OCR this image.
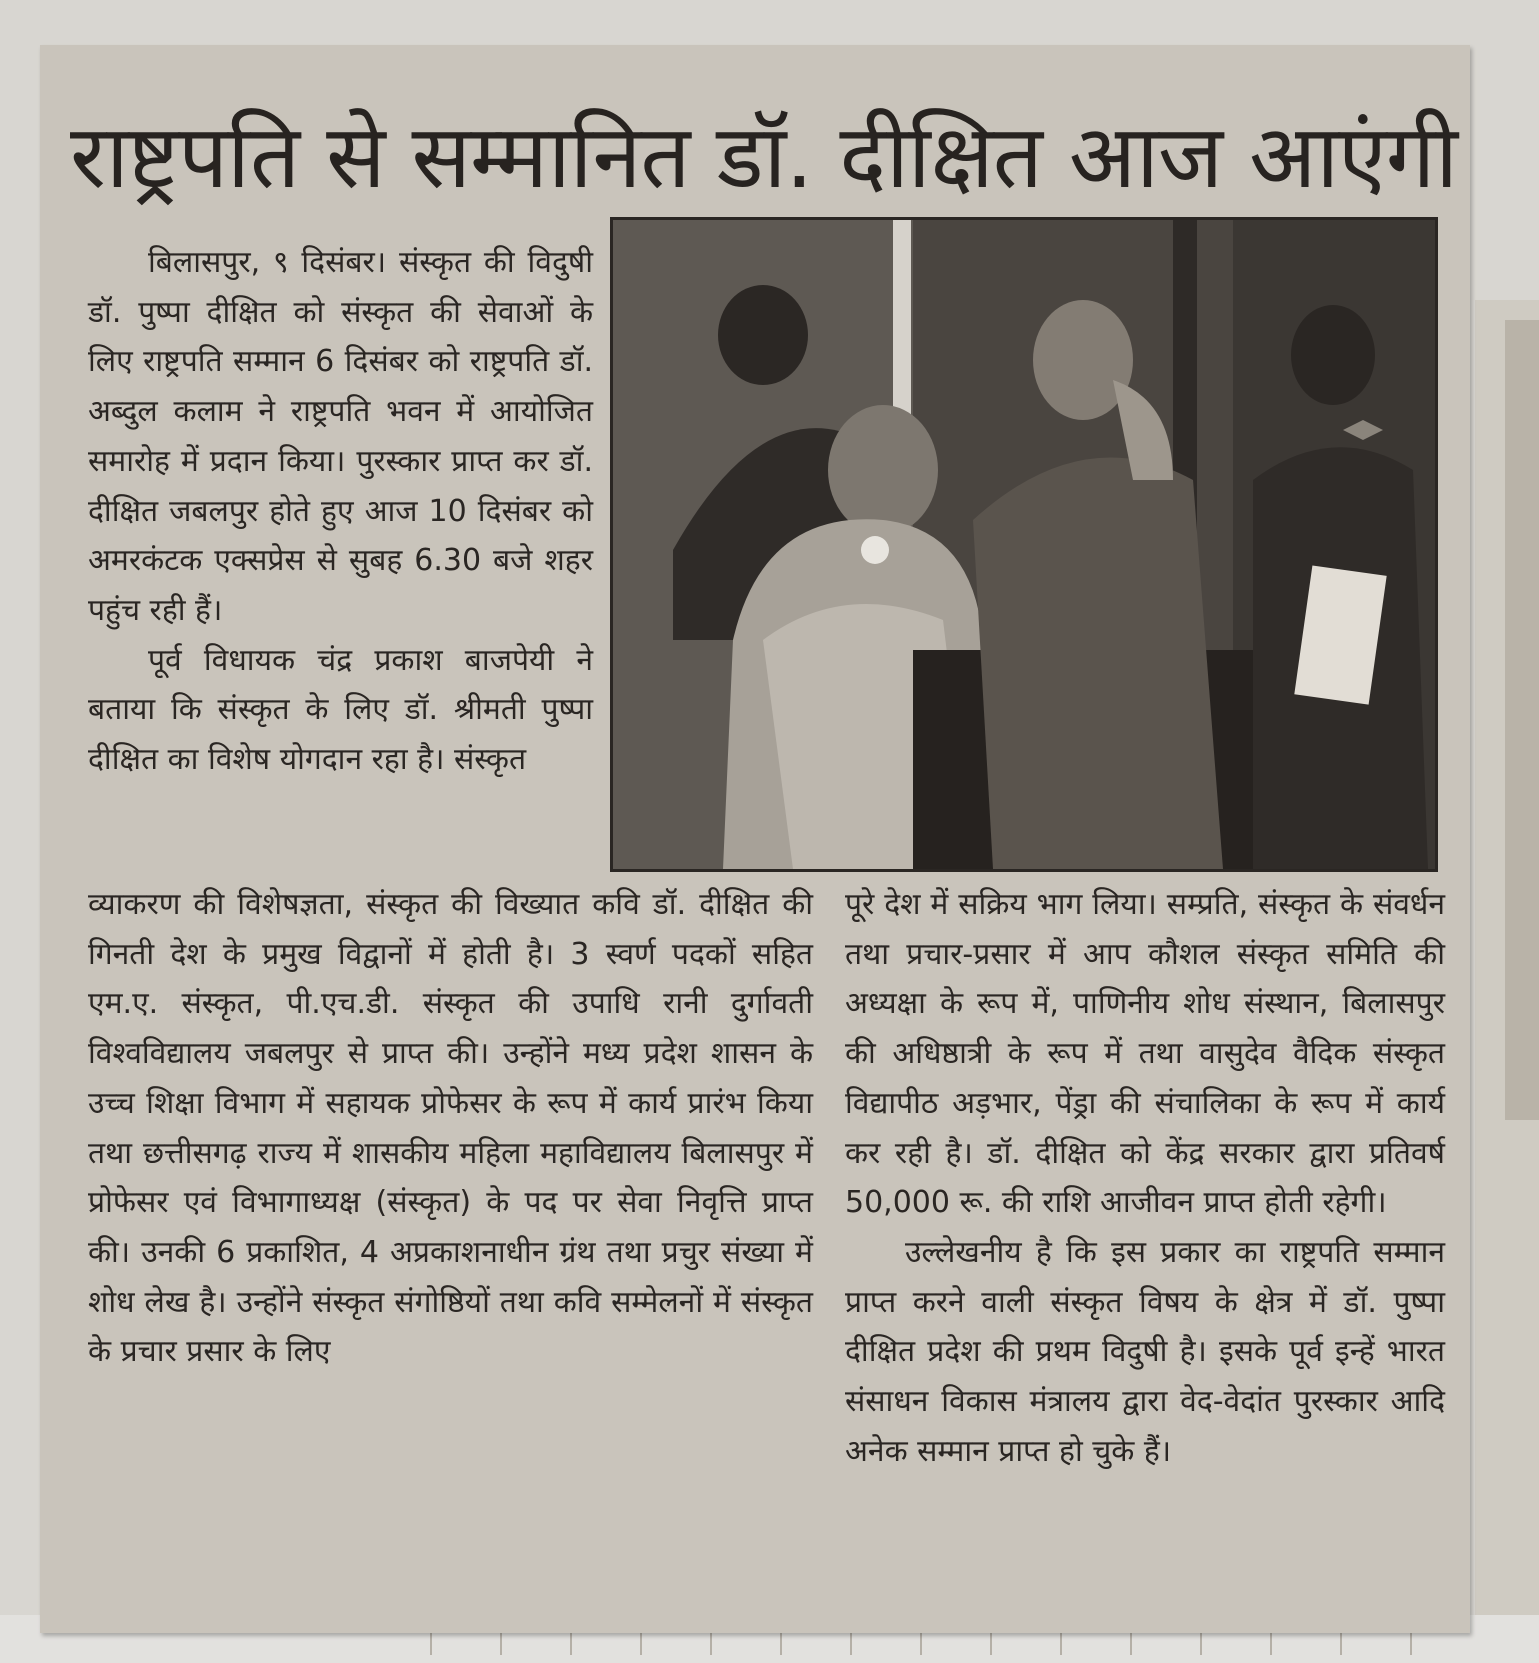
राष्ट्रपति से सम्मानित डॉ. दीक्षित आज आएंगी

बिलासपुर, ९ दिसंबर। संस्कृत की विदुषी डॉ. पुष्पा दीक्षित को संस्कृत की सेवाओं के लिए राष्ट्रपति सम्मान 6 दिसंबर को राष्ट्रपति डॉ. अब्दुल कलाम ने राष्ट्रपति भवन में आयोजित समारोह में प्रदान किया। पुरस्कार प्राप्त कर डॉ. दीक्षित जबलपुर होते हुए आज 10 दिसंबर को अमरकंटक एक्सप्रेस से सुबह 6.30 बजे शहर पहुंच रही हैं।

पूर्व विधायक चंद्र प्रकाश बाजपेयी ने बताया कि संस्कृत के लिए डॉ. श्रीमती पुष्पा दीक्षित का विशेष योगदान रहा है। संस्कृत

व्याकरण की विशेषज्ञता, संस्कृत की विख्यात कवि डॉ. दीक्षित की गिनती देश के प्रमुख विद्वानों में होती है। 3 स्वर्ण पदकों सहित एम.ए. संस्कृत, पी.एच.डी. संस्कृत की उपाधि रानी दुर्गावती विश्वविद्यालय जबलपुर से प्राप्त की। उन्होंने मध्य प्रदेश शासन के उच्च शिक्षा विभाग में सहायक प्रोफेसर के रूप में कार्य प्रारंभ किया तथा छत्तीसगढ़ राज्य में शासकीय महिला महाविद्यालय बिलासपुर में प्रोफेसर एवं विभागाध्यक्ष (संस्कृत) के पद पर सेवा निवृत्ति प्राप्त की। उनकी 6 प्रकाशित, 4 अप्रकाशनाधीन ग्रंथ तथा प्रचुर संख्या में शोध लेख है। उन्होंने संस्कृत संगोष्ठियों तथा कवि सम्मेलनों में संस्कृत के प्रचार प्रसार के लिए

पूरे देश में सक्रिय भाग लिया। सम्प्रति, संस्कृत के संवर्धन तथा प्रचार-प्रसार में आप कौशल संस्कृत समिति की अध्यक्षा के रूप में, पाणिनीय शोध संस्थान, बिलासपुर की अधिष्ठात्री के रूप में तथा वासुदेव वैदिक संस्कृत विद्यापीठ अड़भार, पेंड्रा की संचालिका के रूप में कार्य कर रही है। डॉ. दीक्षित को केंद्र सरकार द्वारा प्रतिवर्ष 50,000 रू. की राशि आजीवन प्राप्त होती रहेगी।

उल्लेखनीय है कि इस प्रकार का राष्ट्रपति सम्मान प्राप्त करने वाली संस्कृत विषय के क्षेत्र में डॉ. पुष्पा दीक्षित प्रदेश की प्रथम विदुषी है। इसके पूर्व इन्हें भारत संसाधन विकास मंत्रालय द्वारा वेद-वेदांत पुरस्कार आदि अनेक सम्मान प्राप्त हो चुके हैं।
